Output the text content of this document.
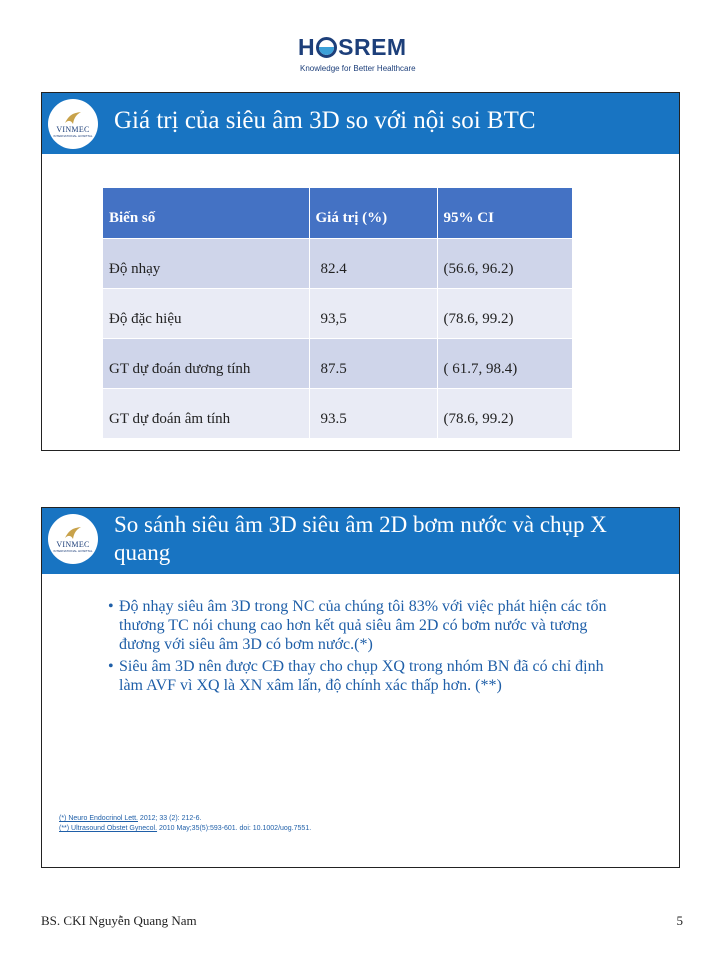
H SREM
Knowledge for Better Healthcare
VINMEC
INTERNATIONAL HOSPITAL
Giá trị của siêu âm 3D so với nội soi BTC
Biến số	Giá trị (%)	95% CI
Độ nhạy	82.4	(56.6, 96.2)
Độ đặc hiệu	93,5	(78.6, 99.2)
GT dự đoán dương tính	87.5	( 61.7, 98.4)
GT dự đoán âm tính	93.5	(78.6, 99.2)
VINMEC
INTERNATIONAL HOSPITAL
So sánh siêu âm 3D siêu âm 2D bơm nước và chụp X quang
• Độ nhạy siêu âm 3D trong NC của chúng tôi 83% với việc phát hiện các tổn thương TC nói chung cao hơn kết quả siêu âm 2D có bơm nước và tương đương với siêu âm 3D có bơm nước.(*)
• Siêu âm 3D nên được CĐ thay cho chụp XQ trong nhóm BN đã có chỉ định làm AVF vì XQ là XN xâm lấn, độ chính xác thấp hơn. (**)
(*) Neuro Endocrinol Lett. 2012; 33 (2): 212-6.
(**) Ultrasound Obstet Gynecol. 2010 May;35(5):593-601. doi: 10.1002/uog.7551.
BS. CKI Nguyễn Quang Nam	5
